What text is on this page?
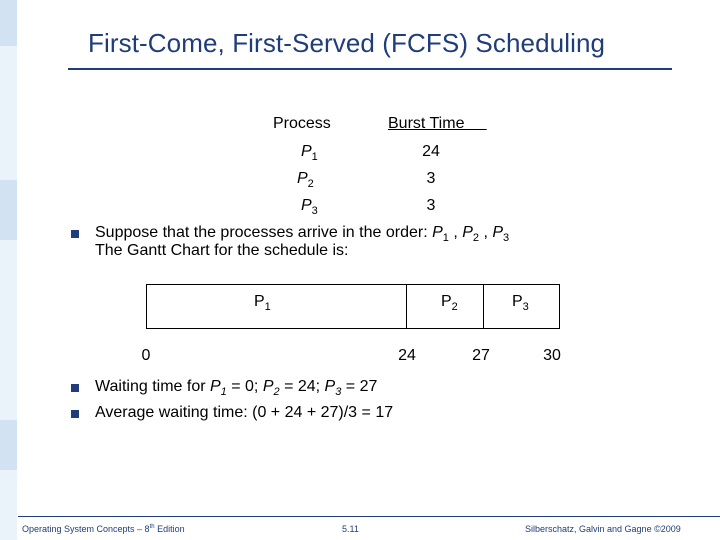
First-Come, First-Served (FCFS) Scheduling
Process	Burst Time
$P_1$	24
$P_2$	3
$P_3$	3
Suppose that the processes arrive in the order: $P_1$ , $P_2$ , $P_3$
The Gantt Chart for the schedule is:
$P_1$	$P_2$	$P_3$
0	24	27	30
Waiting time for $P_1 = 0$; $P_2 = 24$; $P_3 = 27$
Average waiting time: (0 + 24 + 27)/3 = 17
Operating System Concepts – 8th Edition	5.11	Silberschatz, Galvin and Gagne ©2009
